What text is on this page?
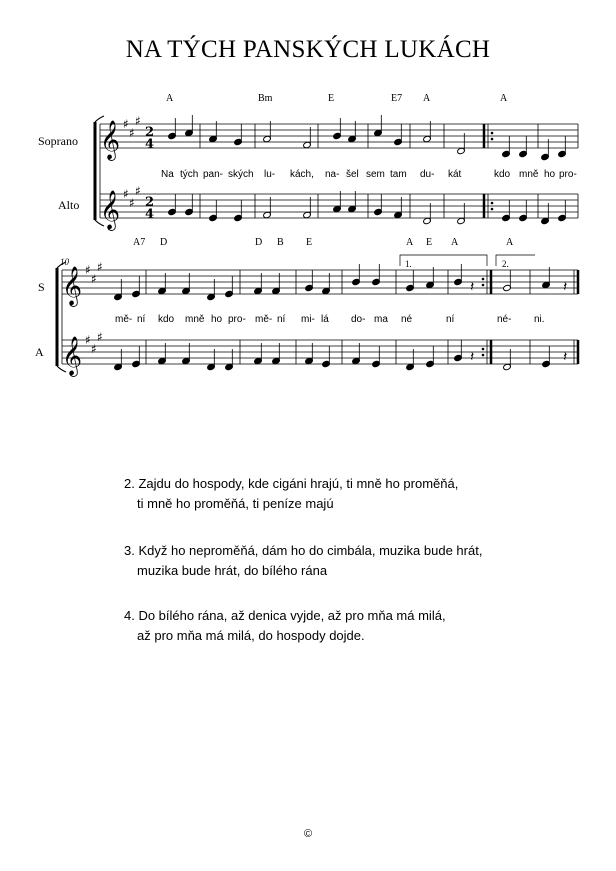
NA TÝCH PANSKÝCH LUKÁCH
A	Bm	E	E7 A	A
Soprano
Alto
Na tých pan- ských lu- kách, na- šel sem tam du- kát	kdo mně ho pro-
A7 D	D B E	A E A	A
10	1.	2.
S
A
mě- ní kdo mně ho pro- mě- ní mi- lá do- ma né	ní	né- ni.
2. Zajdu do hospody, kde cigáni hrajú, ti mně ho proměňá,
ti mně ho proměňá, ti peníze majú
3. Když ho neproměňá, dám ho do cimbála, muzika bude hrát,
muzika bude hrát, do bílého rána
4. Do bílého rána, až denica vyjde, až pro mňa má milá,
až pro mňa má milá, do hospody dojde.
©
𝄞
𝄞
𝄞
𝄞
♯
♯
♯
♯
♯
♯
♯
♯
♯
♯
♯
♯
2
4
2
4
𝄽	𝄽
𝄽	𝄽
